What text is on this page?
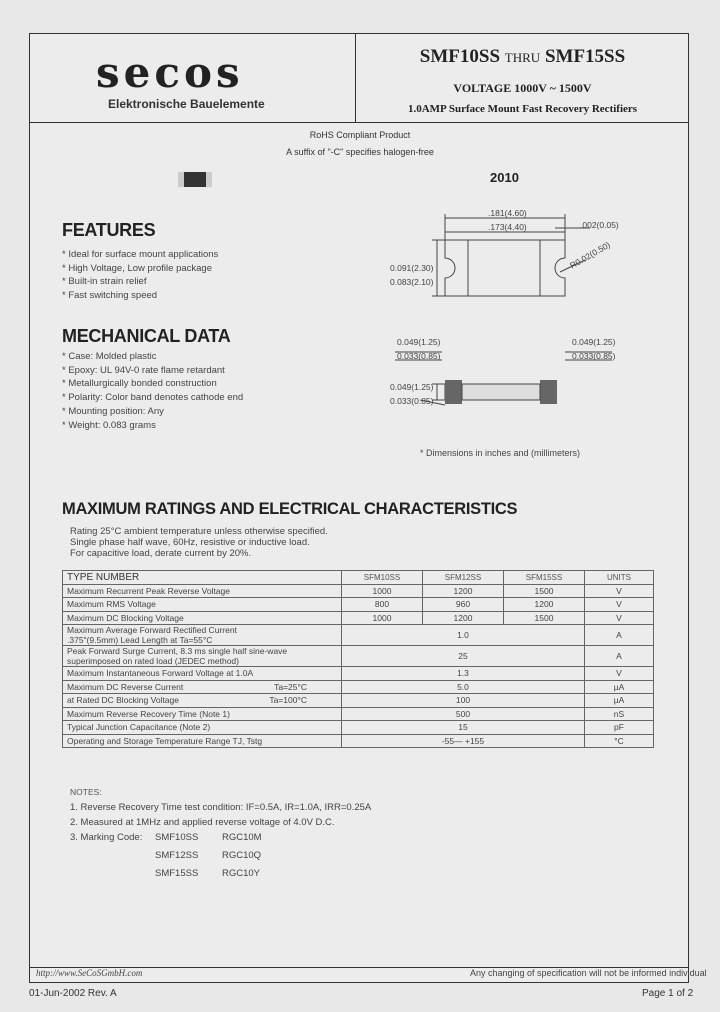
secos
Elektronische Bauelemente
SMF10SS THRU SMF15SS
VOLTAGE 1000V ~ 1500V
1.0AMP Surface Mount Fast Recovery Rectifiers
RoHS Compliant Product
A suffix of "-C" specifies halogen-free
2010
FEATURES
* Ideal for surface mount applications
* High Voltage, Low profile package
* Built-in strain relief
* Fast switching speed
MECHANICAL DATA
* Case: Molded plastic
* Epoxy: UL 94V-0 rate flame retardant
* Metallurgically bonded construction
* Polarity: Color band denotes cathode end
* Mounting position: Any
* Weight: 0.083 grams
.181(4.60)
.173(4.40)	.002(0.05)
0.091(2.30)
0.083(2.10)
R0.02(0.50)
0.049(1.25)
0.033(0.85)
0.049(1.25)
0.033(0.85)
0.049(1.25)
0.033(0.85)
* Dimensions in inches and (millimeters)
MAXIMUM RATINGS AND ELECTRICAL CHARACTERISTICS
Rating 25°C ambient temperature unless otherwise specified.
Single phase half wave, 60Hz, resistive or inductive load.
For capacitive load, derate current by 20%.
TYPE NUMBER	SFM10SS	SFM12SS	SFM15SS	UNITS
Maximum Recurrent Peak Reverse Voltage	1000	1200	1500	V
Maximum RMS Voltage	800	960	1200	V
Maximum DC Blocking Voltage	1000	1200	1500	V

Maximum Average Forward Rectified Current
.375"(9.5mm) Lead Length at Ta=55°C	1.0			A

Peak Forward Surge Current, 8.3 ms single half sine-wave
superimposed on rated load (JEDEC method)	25			A
Maximum Instantaneous Forward Voltage at 1.0A	1.3			V
Maximum DC Reverse Current Ta=25°C	5.0			µA
at Rated DC Blocking Voltage Ta=100°C	100			µA
Maximum Reverse Recovery Time (Note 1)	500			nS
Typical Junction Capacitance (Note 2)	15			pF
Operating and Storage Temperature Range TJ, Tstg	-55— +155			°C
NOTES:
1. Reverse Recovery Time test condition: IF=0.5A, IR=1.0A, IRR=0.25A
2. Measured at 1MHz and applied reverse voltage of 4.0V D.C.
3. Marking Code: SMF10SS RGC10M
SMF12SS RGC10Q
SMF15SS RGC10Y
http://www.SeCoSGmbH.com	Any changing of specification will not be informed individual
01-Jun-2002 Rev. A	Page 1 of 2
